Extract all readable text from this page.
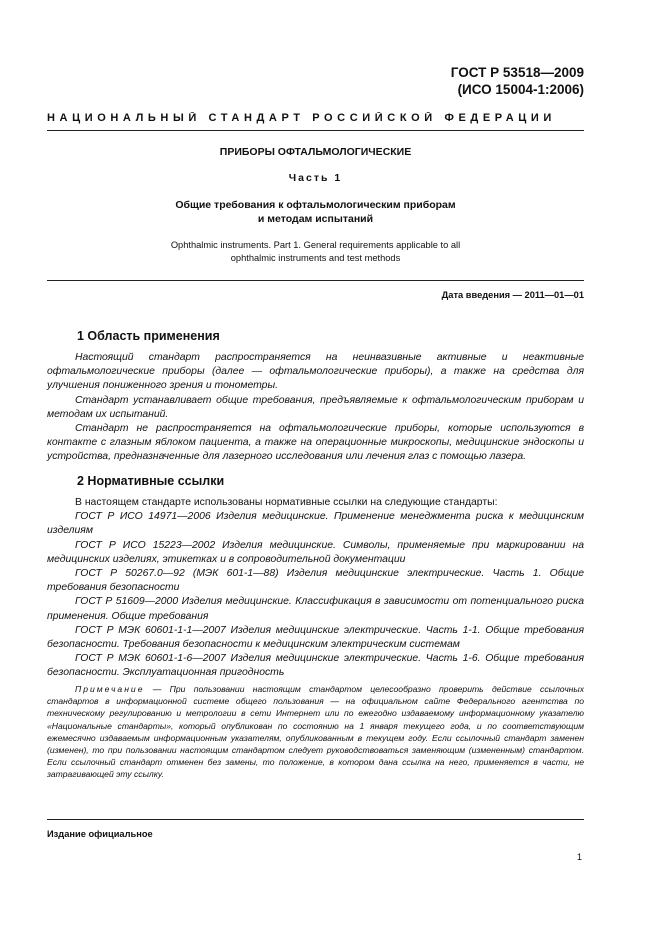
ГОСТ Р 53518—2009
(ИСО 15004-1:2006)
НАЦИОНАЛЬНЫЙ СТАНДАРТ РОССИЙСКОЙ ФЕДЕРАЦИИ
ПРИБОРЫ ОФТАЛЬМОЛОГИЧЕСКИЕ
Часть 1
Общие требования к офтальмологическим приборам
и методам испытаний
Ophthalmic instruments. Part 1. General requirements applicable to all
ophthalmic instruments and test methods
Дата введения — 2011—01—01
1 Область применения

Настоящий стандарт распространяется на неинвазивные активные и неактивные офтальмологические приборы (далее — офтальмологические приборы), а также на средства для улучшения пониженного зрения и тонометры.

Стандарт устанавливает общие требования, предъявляемые к офтальмологическим приборам и методам их испытаний.

Стандарт не распространяется на офтальмологические приборы, которые используются в контакте с глазным яблоком пациента, а также на операционные микроскопы, медицинские эндоскопы и устройства, предназначенные для лазерного исследования или лечения глаз с помощью лазера.

2 Нормативные ссылки

В настоящем стандарте использованы нормативные ссылки на следующие стандарты:

ГОСТ Р ИСО 14971—2006 Изделия медицинские. Применение менеджмента риска к медицинским изделиям

ГОСТ Р ИСО 15223—2002 Изделия медицинские. Символы, применяемые при маркировании на медицинских изделиях, этикетках и в сопроводительной документации

ГОСТ Р 50267.0—92 (МЭК 601-1—88) Изделия медицинские электрические. Часть 1. Общие требования безопасности

ГОСТ Р 51609—2000 Изделия медицинские. Классификация в зависимости от потенциального риска применения. Общие требования

ГОСТ Р МЭК 60601-1-1—2007 Изделия медицинские электрические. Часть 1-1. Общие требования безопасности. Требования безопасности к медицинским электрическим системам

ГОСТ Р МЭК 60601-1-6—2007 Изделия медицинские электрические. Часть 1-6. Общие требования безопасности. Эксплуатационная пригодность

Примечание — При пользовании настоящим стандартом целесообразно проверить действие ссылочных стандартов в информационной системе общего пользования — на официальном сайте Федерального агентства по техническому регулированию и метрологии в сети Интернет или по ежегодно издаваемому информационному указателю «Национальные стандарты», который опубликован по состоянию на 1 января текущего года, и по соответствующим ежемесячно издаваемым информационным указателям, опубликованным в текущем году. Если ссылочный стандарт заменен (изменен), то при пользовании настоящим стандартом следует руководствоваться заменяющим (измененным) стандартом. Если ссылочный стандарт отменен без замены, то положение, в котором дана ссылка на него, применяется в части, не затрагивающей эту ссылку.
Издание официальное
1
